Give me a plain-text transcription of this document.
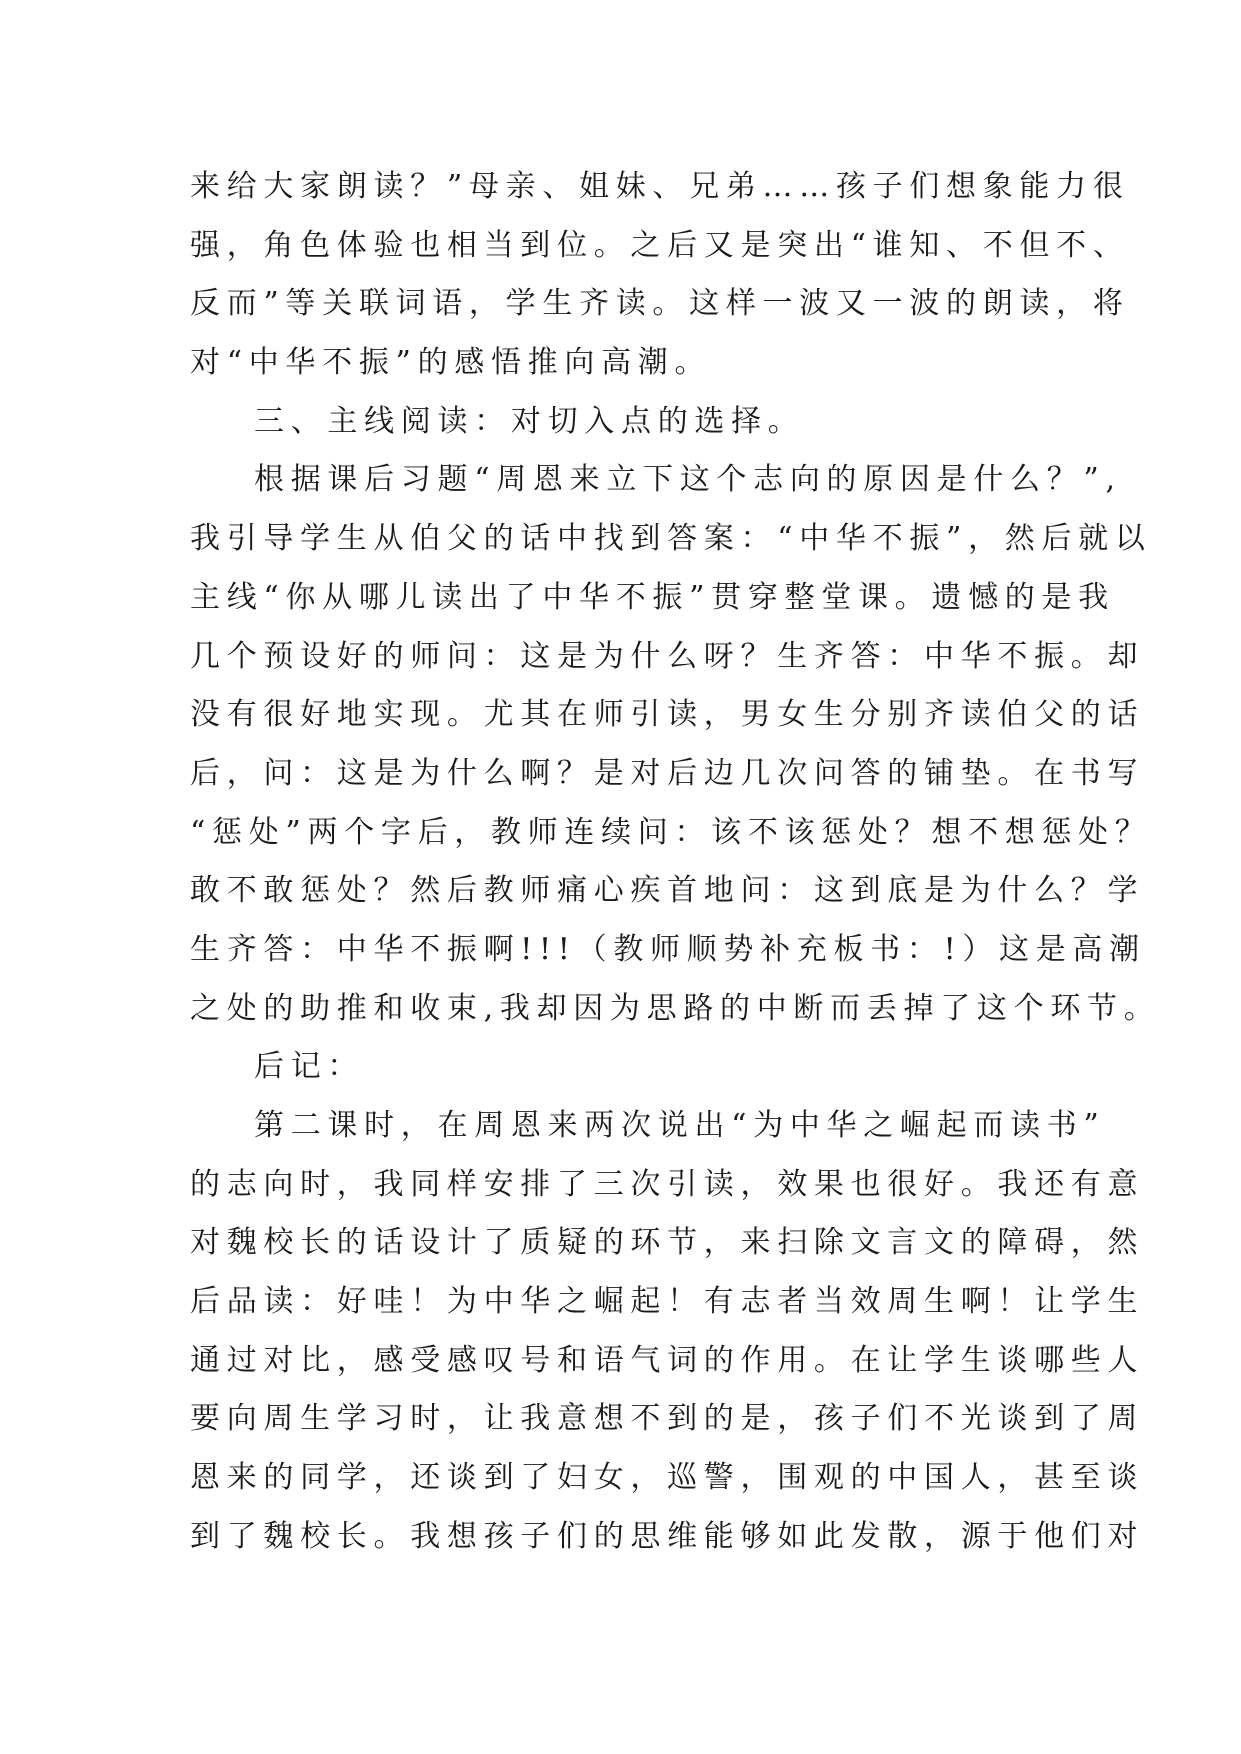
来给大家朗读？”母亲、姐妹、兄弟……孩子们想象能力很
强，角色体验也相当到位。之后又是突出“谁知、不但不、
反而”等关联词语，学生齐读。这样一波又一波的朗读，将
对“中华不振”的感悟推向高潮。
三、主线阅读：对切入点的选择。
根据课后习题“周恩来立下这个志向的原因是什么？”,
我引导学生从伯父的话中找到答案：“中华不振”，然后就以
主线“你从哪儿读出了中华不振”贯穿整堂课。遗憾的是我
几个预设好的师问：这是为什么呀？生齐答：中华不振。却
没有很好地实现。尤其在师引读，男女生分别齐读伯父的话
后，问：这是为什么啊？是对后边几次问答的铺垫。在书写
“惩处”两个字后，教师连续问：该不该惩处？想不想惩处？
敢不敢惩处？然后教师痛心疾首地问：这到底是为什么？学
生齐答：中华不振啊!!!（教师顺势补充板书：!）这是高潮
之处的助推和收束,我却因为思路的中断而丢掉了这个环节。
后记：
第二课时，在周恩来两次说出“为中华之崛起而读书”
的志向时，我同样安排了三次引读，效果也很好。我还有意
对魏校长的话设计了质疑的环节，来扫除文言文的障碍，然
后品读：好哇！为中华之崛起！有志者当效周生啊！让学生
通过对比，感受感叹号和语气词的作用。在让学生谈哪些人
要向周生学习时，让我意想不到的是，孩子们不光谈到了周
恩来的同学，还谈到了妇女，巡警，围观的中国人，甚至谈
到了魏校长。我想孩子们的思维能够如此发散，源于他们对
